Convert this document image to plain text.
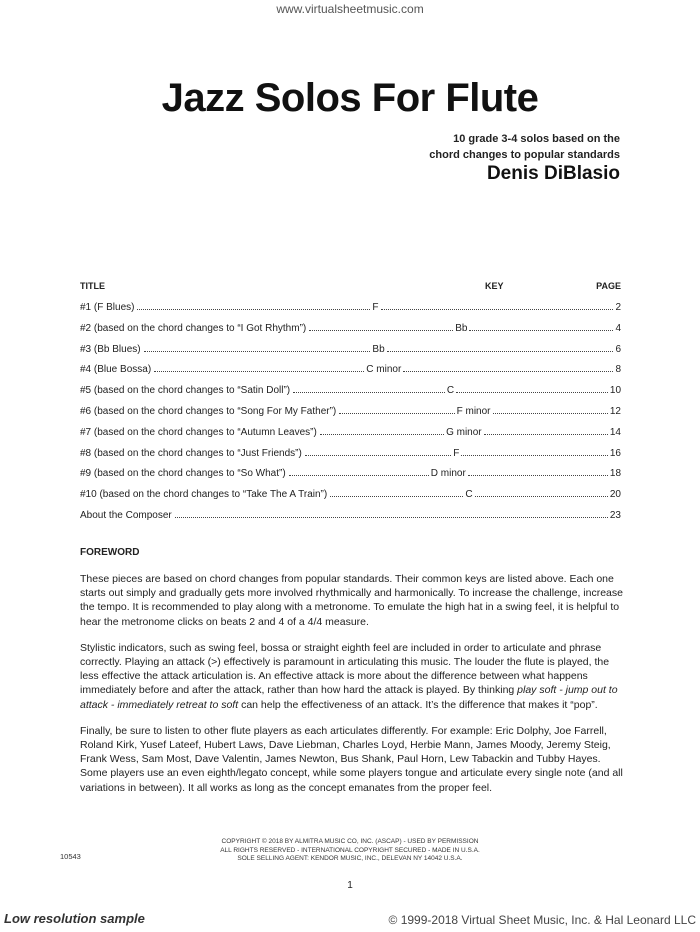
www.virtualsheetmusic.com
Jazz Solos For Flute
10 grade 3-4 solos based on the
chord changes to popular standards
Denis DiBlasio
TITLE	KEY	PAGE
#1 (F Blues)	F	2
#2 (based on the chord changes to “I Got Rhythm”)	Bb	4
#3 (Bb Blues)	Bb	6
#4 (Blue Bossa)	C minor	8
#5 (based on the chord changes to “Satin Doll”)	C	10
#6 (based on the chord changes to “Song For My Father”)	F minor	12
#7 (based on the chord changes to “Autumn Leaves”)	G minor	14
#8 (based on the chord changes to “Just Friends”)	F	16
#9 (based on the chord changes to “So What”)	D minor	18
#10 (based on the chord changes to “Take The A Train”)	C	20
About the Composer	23
FOREWORD

These pieces are based on chord changes from popular standards. Their common keys are listed above. Each one starts out simply and gradually gets more involved rhythmically and harmonically. To increase the challenge, increase the tempo. It is recommended to play along with a metronome. To emulate the high hat in a swing feel, it is helpful to hear the metronome clicks on beats 2 and 4 of a 4/4 measure.

Stylistic indicators, such as swing feel, bossa or straight eighth feel are included in order to articulate and phrase correctly. Playing an attack (>) effectively is paramount in articulating this music. The louder the flute is played, the less effective the attack articulation is. An effective attack is more about the difference between what happens immediately before and after the attack, rather than how hard the attack is played. By thinking play soft - jump out to attack - immediately retreat to soft can help the effectiveness of an attack. It’s the difference that makes it “pop”.

Finally, be sure to listen to other flute players as each articulates differently. For example: Eric Dolphy, Joe Farrell, Roland Kirk, Yusef Lateef, Hubert Laws, Dave Liebman, Charles Loyd, Herbie Mann, James Moody, Jeremy Steig, Frank Wess, Sam Most, Dave Valentin, James Newton, Bus Shank, Paul Horn, Lew Tabackin and Tubby Hayes. Some players use an even eighth/legato concept, while some players tongue and articulate every single note (and all variations in between). It all works as long as the concept emanates from the proper feel.

COPYRIGHT © 2018 BY ALMITRA MUSIC CO, INC. (ASCAP) - USED BY PERMISSION
ALL RIGHTS RESERVED - INTERNATIONAL COPYRIGHT SECURED - MADE IN U.S.A.
SOLE SELLING AGENT: KENDOR MUSIC, INC., DELEVAN NY 14042 U.S.A.
10543
1
Low resolution sample	© 1999-2018 Virtual Sheet Music, Inc. & Hal Leonard LLC
